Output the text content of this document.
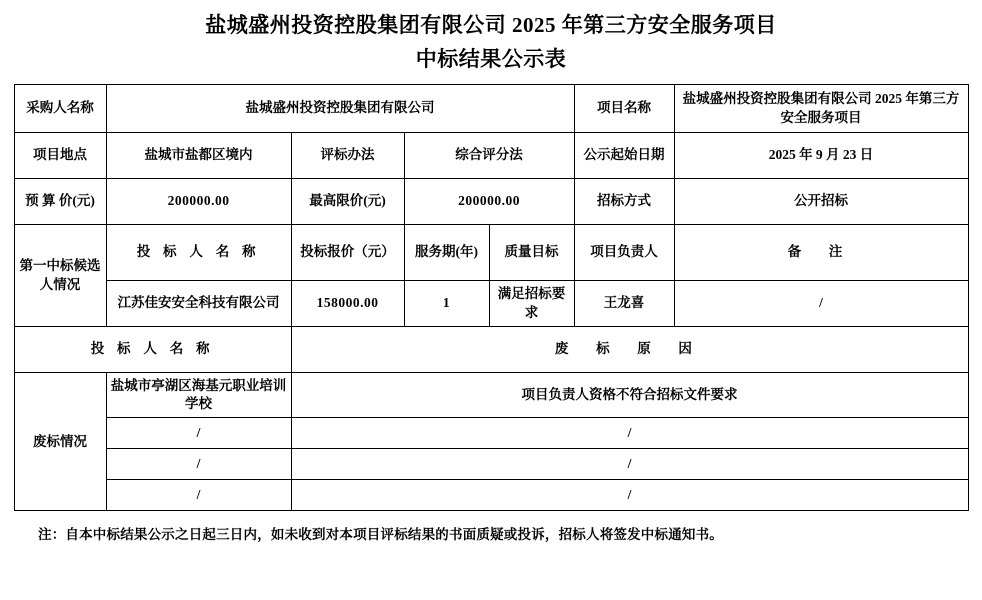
盐城盛州投资控股集团有限公司 2025 年第三方安全服务项目
中标结果公示表
采购人名称	盐城盛州投资控股集团有限公司				项目名称	盐城盛州投资控股集团有限公司 2025 年第三方安全服务项目
项目地点	盐城市盐都区境内	评标办法	综合评分法		公示起始日期	2025 年 9 月 23 日
预 算 价(元)	200000.00	最高限价(元)	200000.00		招标方式	公开招标
第一中标候选人情况	投 标 人 名 称	投标报价（元）	服务期(年)	质量目标	项目负责人	备 注
	江苏佳安安全科技有限公司	158000.00	1	满足招标要求	王龙喜	/
投 标 人 名 称		废 标 原 因				
废标情况	盐城市亭湖区海基元职业培训学校	项目负责人资格不符合招标文件要求				
	/	/				
	/	/				
	/	/				
注：自本中标结果公示之日起三日内，如未收到对本项目评标结果的书面质疑或投诉，招标人将签发中标通知书。
